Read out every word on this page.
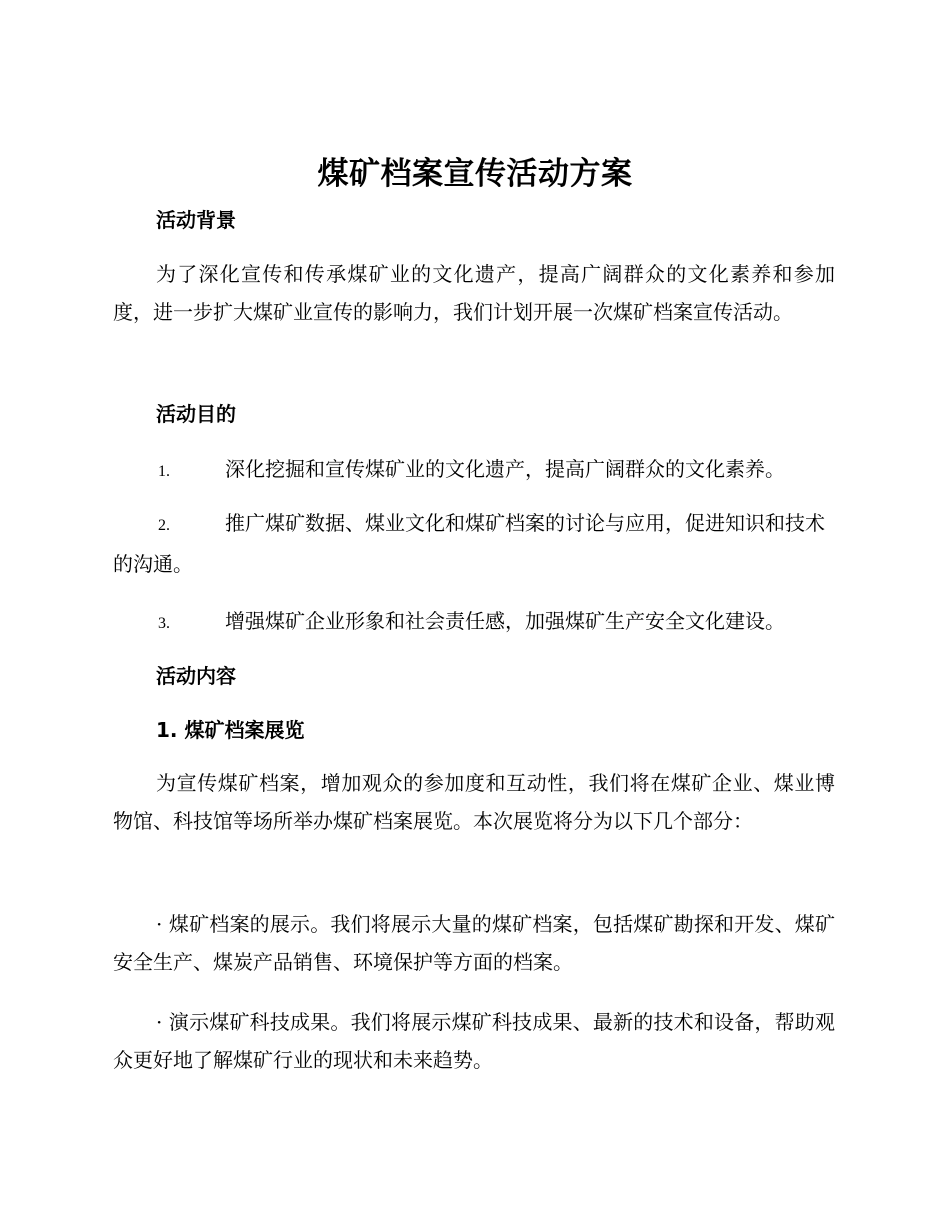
煤矿档案宣传活动方案
活动背景
为了深化宣传和传承煤矿业的文化遗产，提高广阔群众的文化素养和参加度，进一步扩大煤矿业宣传的影响力，我们计划开展一次煤矿档案宣传活动。
活动目的
1.	深化挖掘和宣传煤矿业的文化遗产，提高广阔群众的文化素养。
2.	推广煤矿数据、煤业文化和煤矿档案的讨论与应用，促进知识和技术的沟通。
3.	增强煤矿企业形象和社会责任感，加强煤矿生产安全文化建设。
活动内容
1. 煤矿档案展览
为宣传煤矿档案，增加观众的参加度和互动性，我们将在煤矿企业、煤业博物馆、科技馆等场所举办煤矿档案展览。本次展览将分为以下几个部分：
· 煤矿档案的展示。我们将展示大量的煤矿档案，包括煤矿勘探和开发、煤矿安全生产、煤炭产品销售、环境保护等方面的档案。
· 演示煤矿科技成果。我们将展示煤矿科技成果、最新的技术和设备，帮助观众更好地了解煤矿行业的现状和未来趋势。
